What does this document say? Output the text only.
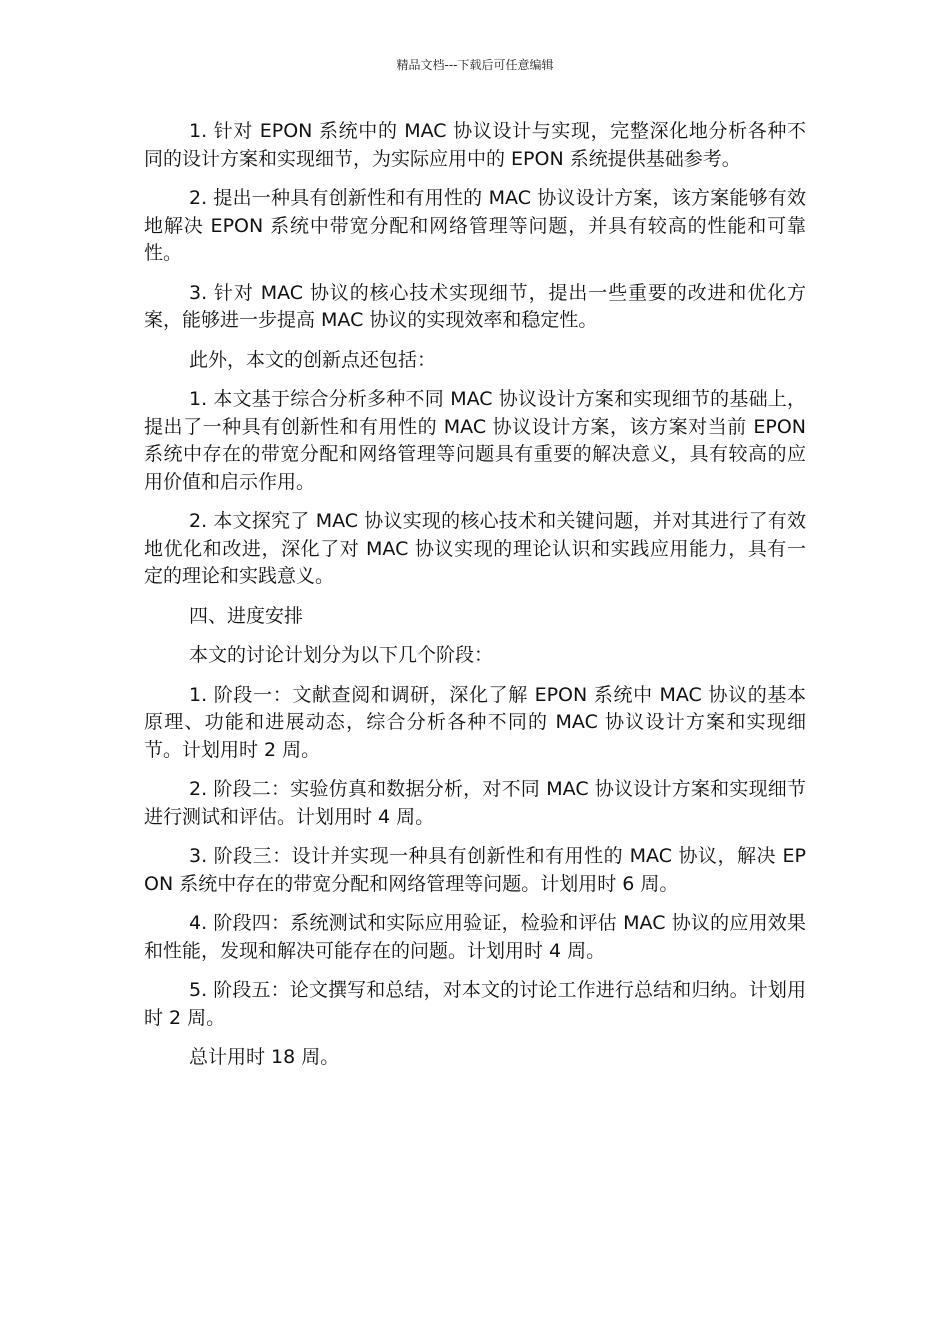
精品文档---下载后可任意编辑

1. 针对 EPON 系统中的 MAC 协议设计与实现，完整深化地分析各种不同的设计方案和实现细节，为实际应用中的 EPON 系统提供基础参考。

2. 提出一种具有创新性和有用性的 MAC 协议设计方案，该方案能够有效地解决 EPON 系统中带宽分配和网络管理等问题，并具有较高的性能和可靠性。

3. 针对 MAC 协议的核心技术实现细节，提出一些重要的改进和优化方案，能够进一步提高 MAC 协议的实现效率和稳定性。

此外，本文的创新点还包括：

1. 本文基于综合分析多种不同 MAC 协议设计方案和实现细节的基础上，提出了一种具有创新性和有用性的 MAC 协议设计方案，该方案对当前 EPON 系统中存在的带宽分配和网络管理等问题具有重要的解决意义，具有较高的应用价值和启示作用。

2. 本文探究了 MAC 协议实现的核心技术和关键问题，并对其进行了有效地优化和改进，深化了对 MAC 协议实现的理论认识和实践应用能力，具有一定的理论和实践意义。

四、进度安排

本文的讨论计划分为以下几个阶段：

1. 阶段一：文献查阅和调研，深化了解 EPON 系统中 MAC 协议的基本原理、功能和进展动态，综合分析各种不同的 MAC 协议设计方案和实现细节。计划用时 2 周。

2. 阶段二：实验仿真和数据分析，对不同 MAC 协议设计方案和实现细节进行测试和评估。计划用时 4 周。

3. 阶段三：设计并实现一种具有创新性和有用性的 MAC 协议，解决 EPON 系统中存在的带宽分配和网络管理等问题。计划用时 6 周。

4. 阶段四：系统测试和实际应用验证，检验和评估 MAC 协议的应用效果和性能，发现和解决可能存在的问题。计划用时 4 周。

5. 阶段五：论文撰写和总结，对本文的讨论工作进行总结和归纳。计划用时 2 周。

总计用时 18 周。
